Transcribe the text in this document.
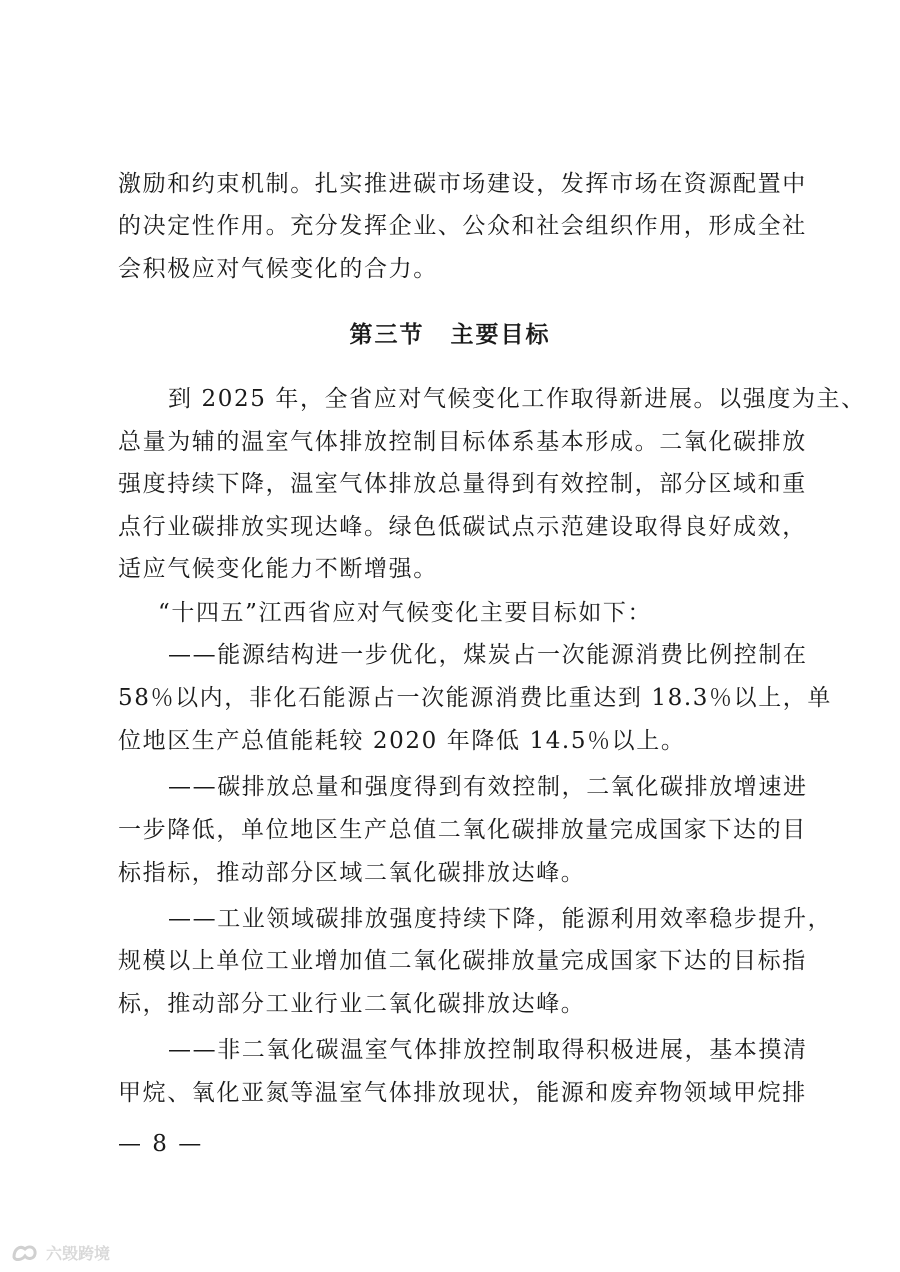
激励和约束机制。扎实推进碳市场建设，发挥市场在资源配置中
的决定性作用。充分发挥企业、公众和社会组织作用，形成全社
会积极应对气候变化的合力。
第三节 主要目标
到 2025 年，全省应对气候变化工作取得新进展。以强度为主、
总量为辅的温室气体排放控制目标体系基本形成。二氧化碳排放
强度持续下降，温室气体排放总量得到有效控制，部分区域和重
点行业碳排放实现达峰。绿色低碳试点示范建设取得良好成效，
适应气候变化能力不断增强。
“十四五”江西省应对气候变化主要目标如下：
——能源结构进一步优化，煤炭占一次能源消费比例控制在
58％以内，非化石能源占一次能源消费比重达到 18.3％以上，单
位地区生产总值能耗较 2020 年降低 14.5％以上。
——碳排放总量和强度得到有效控制，二氧化碳排放增速进
一步降低，单位地区生产总值二氧化碳排放量完成国家下达的目
标指标，推动部分区域二氧化碳排放达峰。
——工业领域碳排放强度持续下降，能源利用效率稳步提升，
规模以上单位工业增加值二氧化碳排放量完成国家下达的目标指
标，推动部分工业行业二氧化碳排放达峰。
——非二氧化碳温室气体排放控制取得积极进展，基本摸清
甲烷、氧化亚氮等温室气体排放现状，能源和废弃物领域甲烷排
— 8 —
六毁跨境
